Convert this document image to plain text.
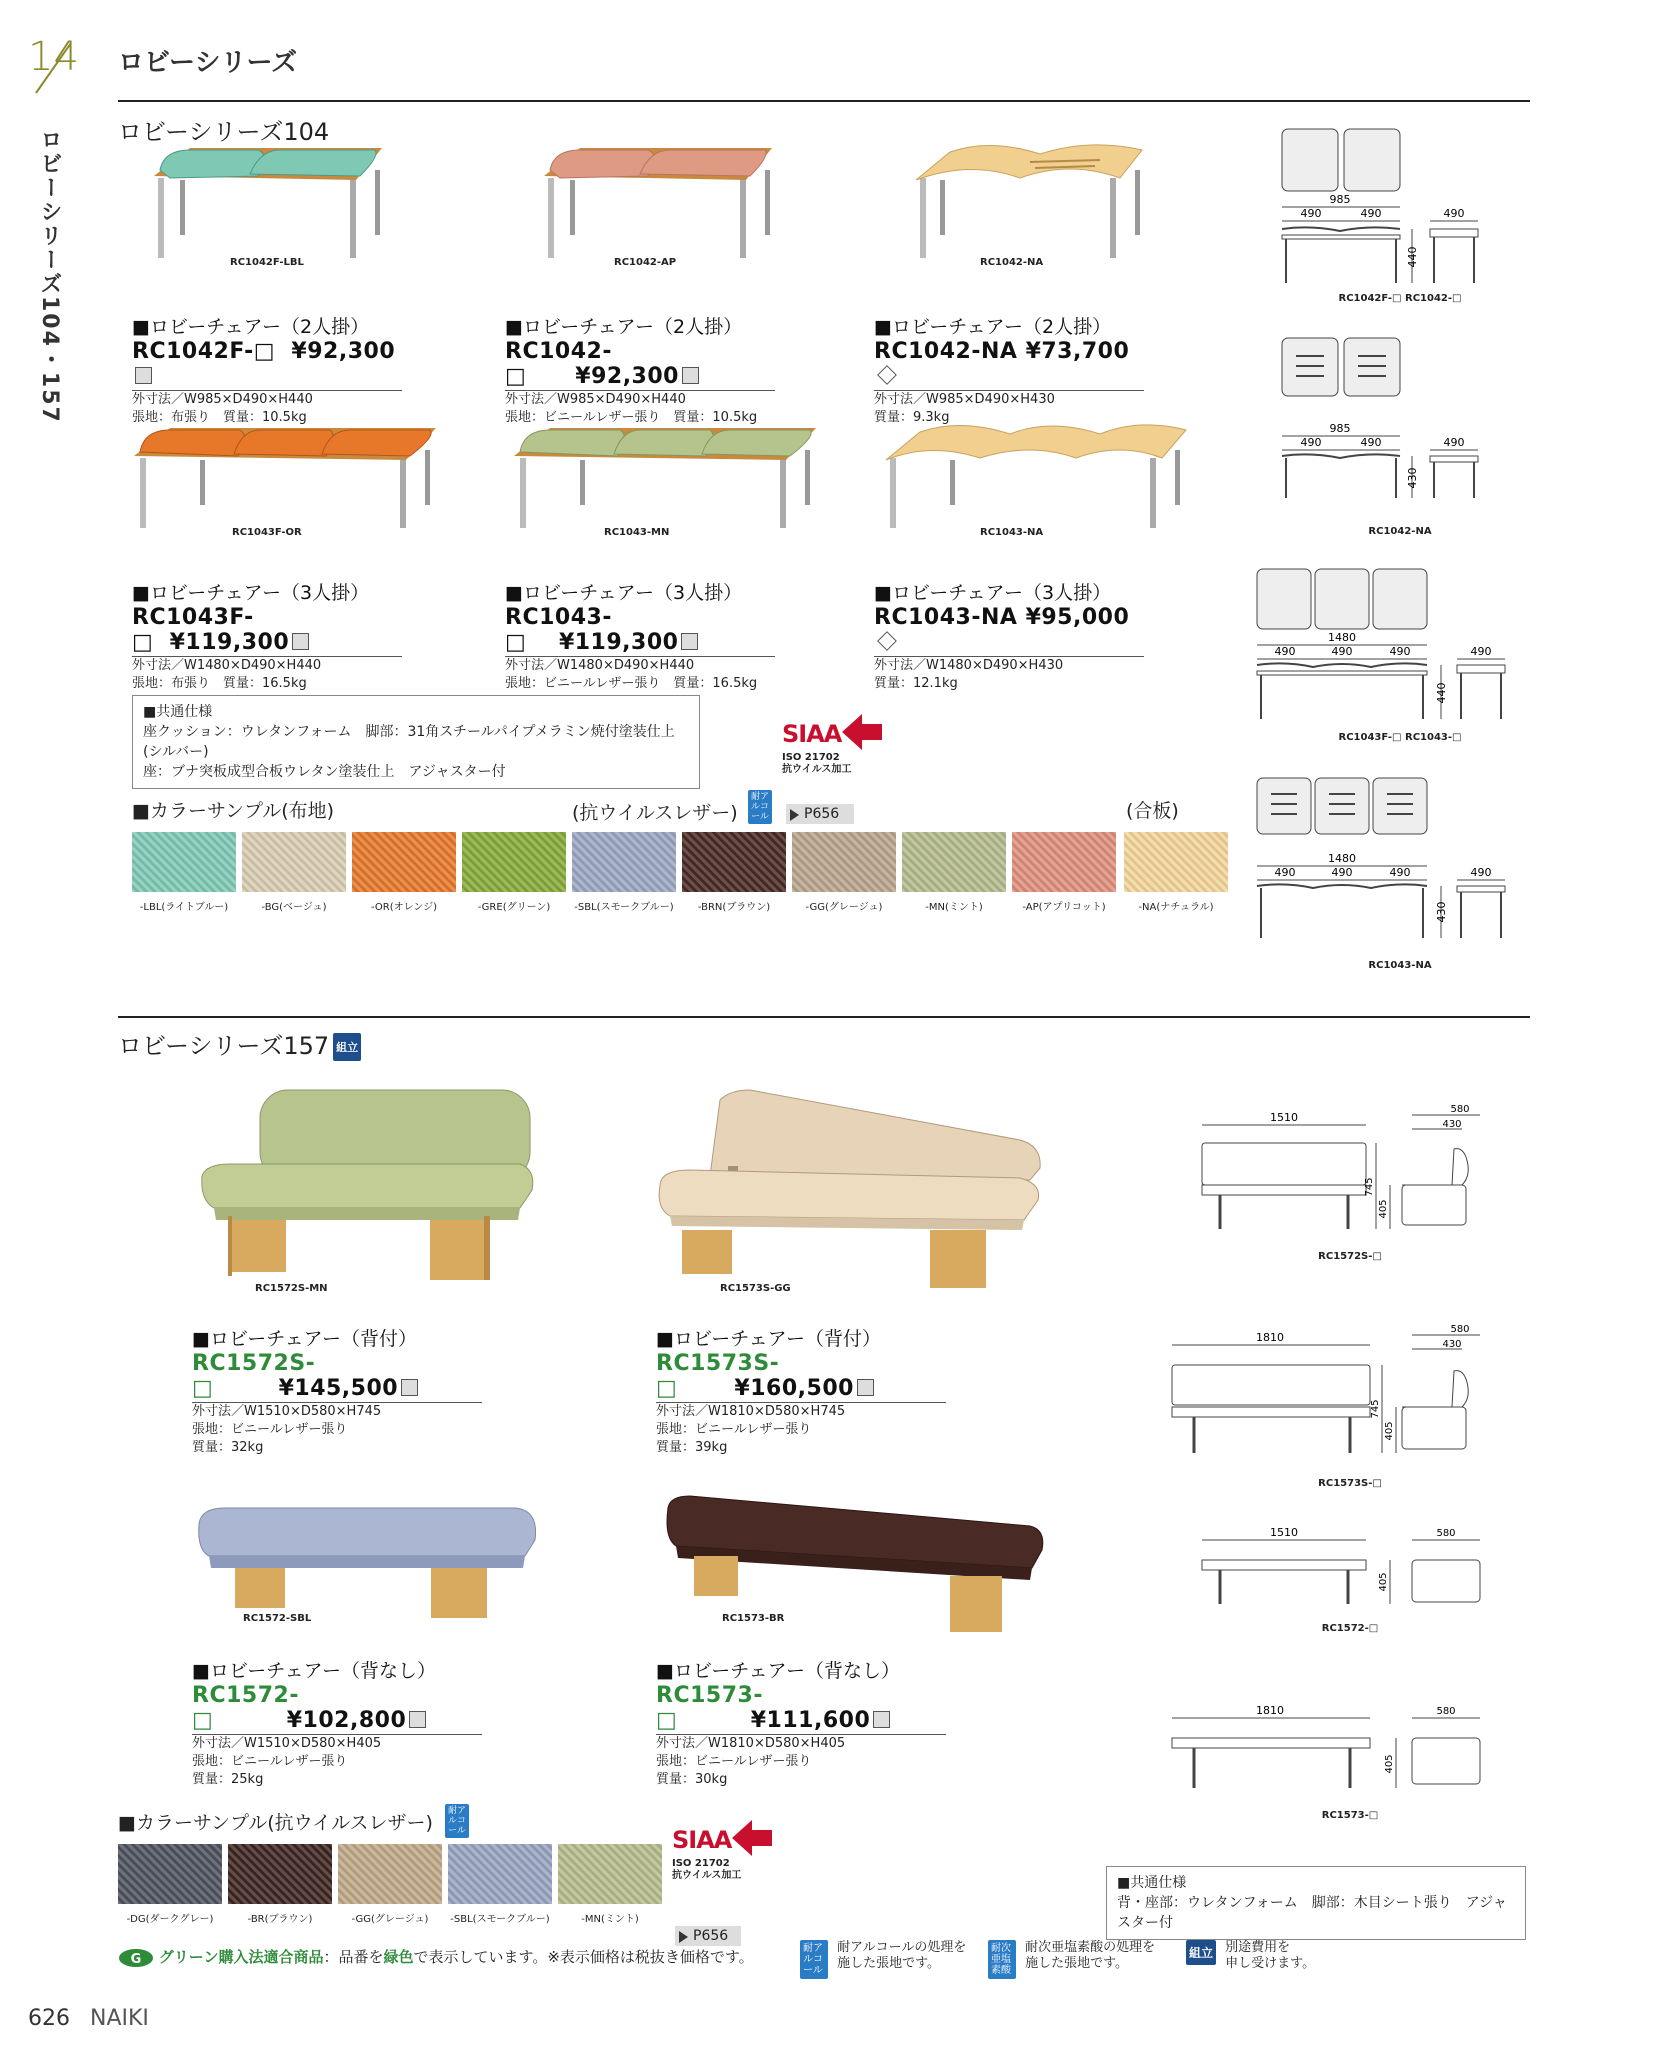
14
ロビーシリーズ104・157
ロビーシリーズ
ロビーシリーズ104
RC1042F-LBL	RC1042-AP	RC1042-NA
■ロビーチェアー（2人掛）
RC1042F-□ ¥92,300
外寸法／W985×D490×H440
張地：布張り　質量：10.5kg
■ロビーチェアー（2人掛）
RC1042-□ ¥92,300
外寸法／W985×D490×H440
張地：ビニールレザー張り　質量：10.5kg
■ロビーチェアー（2人掛）
RC1042-NA ¥73,700
外寸法／W985×D490×H430
質量：9.3kg
RC1043F-OR	RC1043-MN	RC1043-NA
■ロビーチェアー（3人掛）
RC1043F-□ ¥119,300
外寸法／W1480×D490×H440
張地：布張り　質量：16.5kg
■ロビーチェアー（3人掛）
RC1043-□ ¥119,300
外寸法／W1480×D490×H440
張地：ビニールレザー張り　質量：16.5kg
■ロビーチェアー（3人掛）
RC1043-NA ¥95,000
外寸法／W1480×D490×H430
質量：12.1kg
■共通仕様
座クッション：ウレタンフォーム　脚部：31角スチールパイプメラミン焼付塗装仕上(シルバー)
座：ブナ突板成型合板ウレタン塗装仕上　アジャスター付
SIAA
ISO 21702
抗ウイルス加工
耐アルコール	P656
■カラーサンプル(布地)	(抗ウイルスレザー)	(合板)
-LBL(ライトブルー)	-BG(ベージュ)	-OR(オレンジ)	-GRE(グリーン)	-SBL(スモークブルー)	-BRN(ブラウン)	-GG(グレージュ)	-MN(ミント)	-AP(アプリコット)	-NA(ナチュラル)
985
490	490	490
440
RC1042F-□ RC1042-□
985
490	490	490
430
RC1042-NA
1480
490	490	490	490
440
RC1043F-□ RC1043-□
1480
490	490	490	490
430
RC1043-NA
ロビーシリーズ157 組立
RC1572S-MN	RC1573S-GG
RC1572-SBL	RC1573-BR
■ロビーチェアー（背付）
RC1572S-□	¥145,500
外寸法／W1510×D580×H745
張地：ビニールレザー張り
質量：32kg
■ロビーチェアー（背付）
RC1573S-□	¥160,500
外寸法／W1810×D580×H745
張地：ビニールレザー張り
質量：39kg
■ロビーチェアー（背なし）
RC1572-□	¥102,800
外寸法／W1510×D580×H405
張地：ビニールレザー張り
質量：25kg
■ロビーチェアー（背なし）
RC1573-□	¥111,600
外寸法／W1810×D580×H405
張地：ビニールレザー張り
質量：30kg
1510
745
405
580
430
RC1572S-□
1810
745
405
580
430
RC1573S-□
1510
405
580
RC1572-□
1810
405
580
RC1573-□
■カラーサンプル(抗ウイルスレザー)
耐アルコール
-DG(ダークグレー)	-BR(ブラウン)	-GG(グレージュ)	-SBL(スモークブルー)	-MN(ミント)
SIAA
ISO 21702
抗ウイルス加工
P656
■共通仕様
背・座部：ウレタンフォーム　脚部：木目シート張り　アジャスター付
G グリーン購入法適合商品：品番を緑色で表示しています。※表示価格は税抜き価格です。	耐アルコール 耐アルコールの処理を
施した張地です。
耐次亜塩素酸 耐次亜塩素酸の処理を
施した張地です。
組立 別途費用を
申し受けます。
626 NAIKI
